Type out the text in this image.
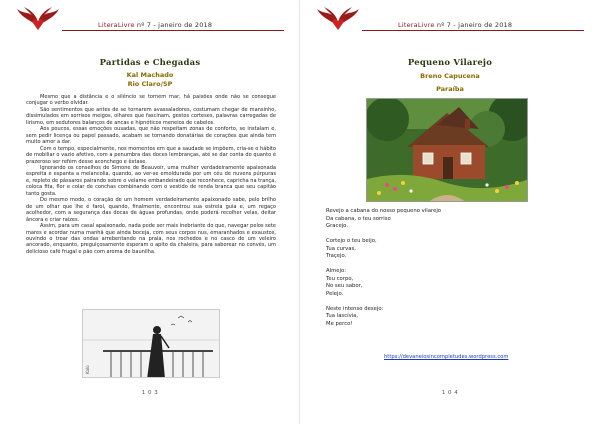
LiteraLivre nº 7 - janeiro de 2018
Partidas e Chegadas
Kal Machado
Rio Claro/SP

Mesmo que a distância e o silêncio se tornem mar, há paixões onde não se consegue conjugar o verbo olvidar.

São sentimentos que antes de se tornarem avassaladores, costumam chegar de mansinho, dissimulados em sorrisos meigos, olhares que fascinam, gestos corteses, palavras carregadas de lirismo, em sedutores balanços de ancas e hipnóticos meneios de cabelos.

Aos poucos, essas emoções ousadas, que não respeitam zonas de conforto, se instalam e, sem pedir licença ou papel passado, acabam se tornando donatárias de corações que ainda tem muito amor a dar.

Com o tempo, especialmente, nos momentos em que a saudade se impõem, cria-se o hábito de mobiliar o vazio afetivo, com a penumbra das doces lembranças, até se dar conta do quanto é prazeroso ser refém desse aconchego e êxtase.

Ignorando os conselhos de Simone de Beauvoir, uma mulher verdadeiramente apaixonada espreita e espanta a melancolia, quando, ao ver-se emoldurada por um céu de nuvens púrpuras e, repleto de pássaros pairando sobre o velame embandeirado que reconhece, capricha na trança, coloca fita, flor e colar de conchas combinando com o vestido de renda branca que seu capitão tanto gosta.

Do mesmo modo, o coração de um homem verdadeiramente apaixonado sabe, pelo brilho de um olhar que lhe é farol, quando, finalmente, encontrou sua estrela guia e, um regaço acolhedor, com a segurança das docas de águas profundas, onde poderá recolher velas, deitar âncora e criar raízes.

Assim, para um casal apaixonado, nada pode ser mais inebriante do que, navegar pelos sete mares e acordar numa manhã que ainda boceja, com seus corpos nus, emaranhados e exaustos, ouvindo o troar das ondas arrebentando na praia, nos rochedos e no casco de um veleiro ancorado, enquanto, preguiçosamente esperam o apito da chaleira, para saborear no convés, um delicioso café frugal e pão com aroma de baunilha.

Kalú
1 0 3
LiteraLivre nº 7 - janeiro de 2018
Pequeno Vilarejo
Breno Capucena
Paraíba
Revejo a cabana do nosso pequeno vilarejo
Da cabana, o teu sorriso
Gracejo.
Cortejo o teu beijo,
Tua curvas,
Traçejo.
Almejo:
Teu corpo,
No seu sabor,
Pelejo.
Neste intenso desejo:
Tua lascívia,
Me perco!
https://devaneiosincompletudes.wordpress.com
1 0 4
